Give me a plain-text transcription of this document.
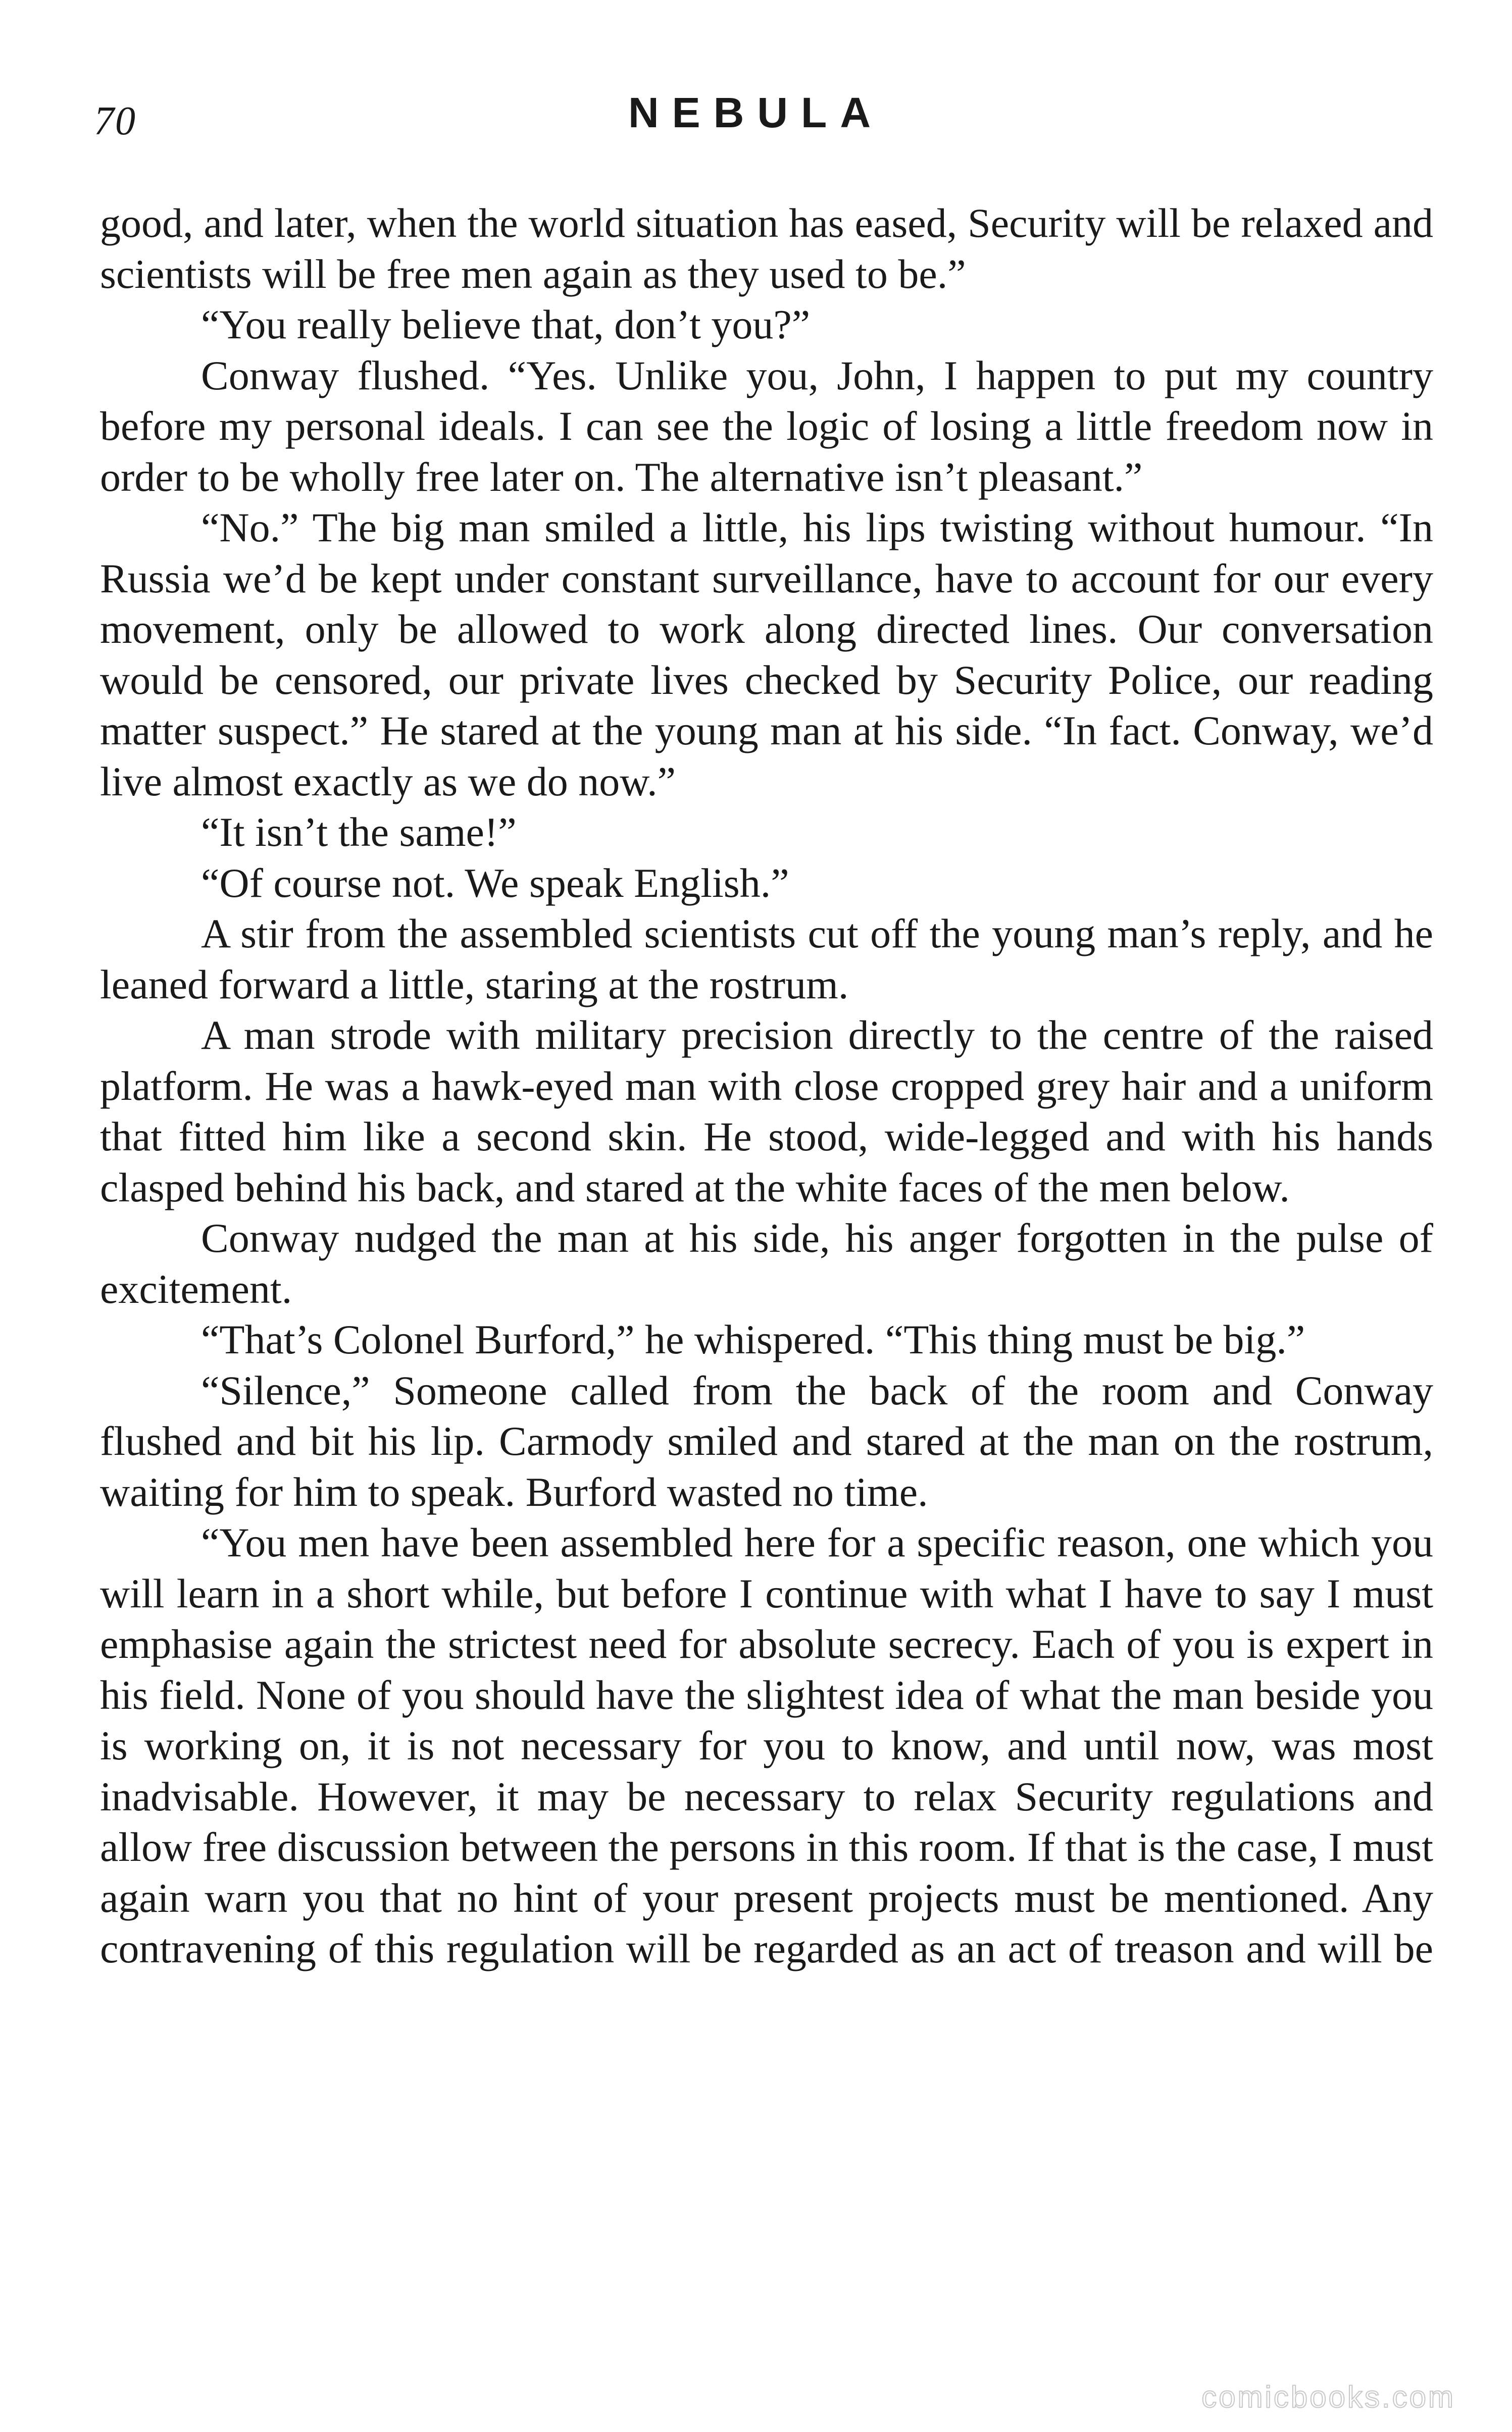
70	NEBULA

good, and later, when the world situation has eased, Security will be relaxed and scientists will be free men again as they used to be.”

“You really believe that, don’t you?”

Conway flushed. “Yes. Unlike you, John, I happen to put my country before my personal ideals. I can see the logic of losing a little freedom now in order to be wholly free later on. The alternative isn’t pleasant.”

“No.” The big man smiled a little, his lips twisting without humour. “In Russia we’d be kept under constant surveillance, have to account for our every movement, only be allowed to work along directed lines. Our conversation would be censored, our private lives checked by Security Police, our reading matter suspect.” He stared at the young man at his side. “In fact. Conway, we’d live almost exactly as we do now.”

“It isn’t the same!”

“Of course not. We speak English.”

A stir from the assembled scientists cut off the young man’s reply, and he leaned forward a little, staring at the rostrum.

A man strode with military precision directly to the centre of the raised platform. He was a hawk-eyed man with close cropped grey hair and a uniform that fitted him like a second skin. He stood, wide-legged and with his hands clasped behind his back, and stared at the white faces of the men below.

Conway nudged the man at his side, his anger forgotten in the pulse of excitement.

“That’s Colonel Burford,” he whispered. “This thing must be big.”

“Silence,” Someone called from the back of the room and Conway flushed and bit his lip. Carmody smiled and stared at the man on the rostrum, waiting for him to speak. Burford wasted no time.

“You men have been assembled here for a specific reason, one which you will learn in a short while, but before I continue with what I have to say I must emphasise again the strictest need for absolute secrecy. Each of you is expert in his field. None of you should have the slightest idea of what the man beside you is working on, it is not necessary for you to know, and until now, was most inadvisable. However, it may be necessary to relax Security regulations and allow free discussion between the persons in this room. If that is the case, I must again warn you that no hint of your present projects must be mentioned. Any contravening of this regulation will be regarded as an act of treason and will be

comicbooks.com
